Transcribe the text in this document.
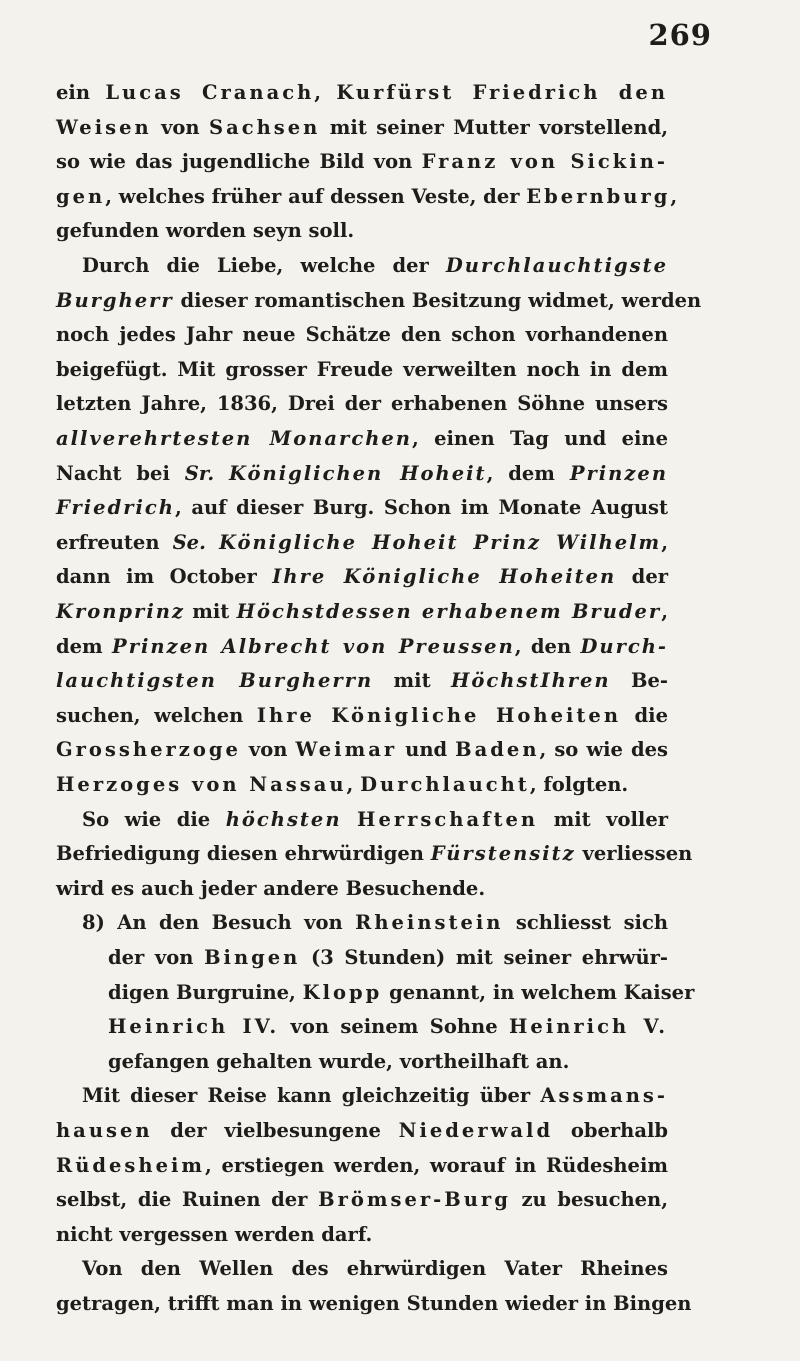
269
ein Lucas Cranach, Kurfürst Friedrich den
Weisen von Sachsen mit seiner Mutter vorstellend,
so wie das jugendliche Bild von Franz von Sickin-
gen, welches früher auf dessen Veste, der Ebernburg,
gefunden worden seyn soll.
Durch die Liebe, welche der Durchlauchtigste
Burgherr dieser romantischen Besitzung widmet, werden
noch jedes Jahr neue Schätze den schon vorhandenen
beigefügt. Mit grosser Freude verweilten noch in dem
letzten Jahre, 1836, Drei der erhabenen Söhne unsers
allverehrtesten Monarchen, einen Tag und eine
Nacht bei Sr. Königlichen Hoheit, dem Prinzen
Friedrich, auf dieser Burg. Schon im Monate August
erfreuten Se. Königliche Hoheit Prinz Wilhelm,
dann im October Ihre Königliche Hoheiten der
Kronprinz mit Höchstdessen erhabenem Bruder,
dem Prinzen Albrecht von Preussen, den Durch-
lauchtigsten Burgherrn mit HöchstIhren Be-
suchen, welchen Ihre Königliche Hoheiten die
Grossherzoge von Weimar und Baden, so wie des
Herzoges von Nassau, Durchlaucht, folgten.
So wie die höchsten Herrschaften mit voller
Befriedigung diesen ehrwürdigen Fürstensitz verliessen
wird es auch jeder andere Besuchende.
8) An den Besuch von Rheinstein schliesst sich
der von Bingen (3 Stunden) mit seiner ehrwür-
digen Burgruine, Klopp genannt, in welchem Kaiser
Heinrich IV. von seinem Sohne Heinrich V.
gefangen gehalten wurde, vortheilhaft an.
Mit dieser Reise kann gleichzeitig über Assmans-
hausen der vielbesungene Niederwald oberhalb
Rüdesheim, erstiegen werden, worauf in Rüdesheim
selbst, die Ruinen der Brömser-Burg zu besuchen,
nicht vergessen werden darf.
Von den Wellen des ehrwürdigen Vater Rheines
getragen, trifft man in wenigen Stunden wieder in Bingen
